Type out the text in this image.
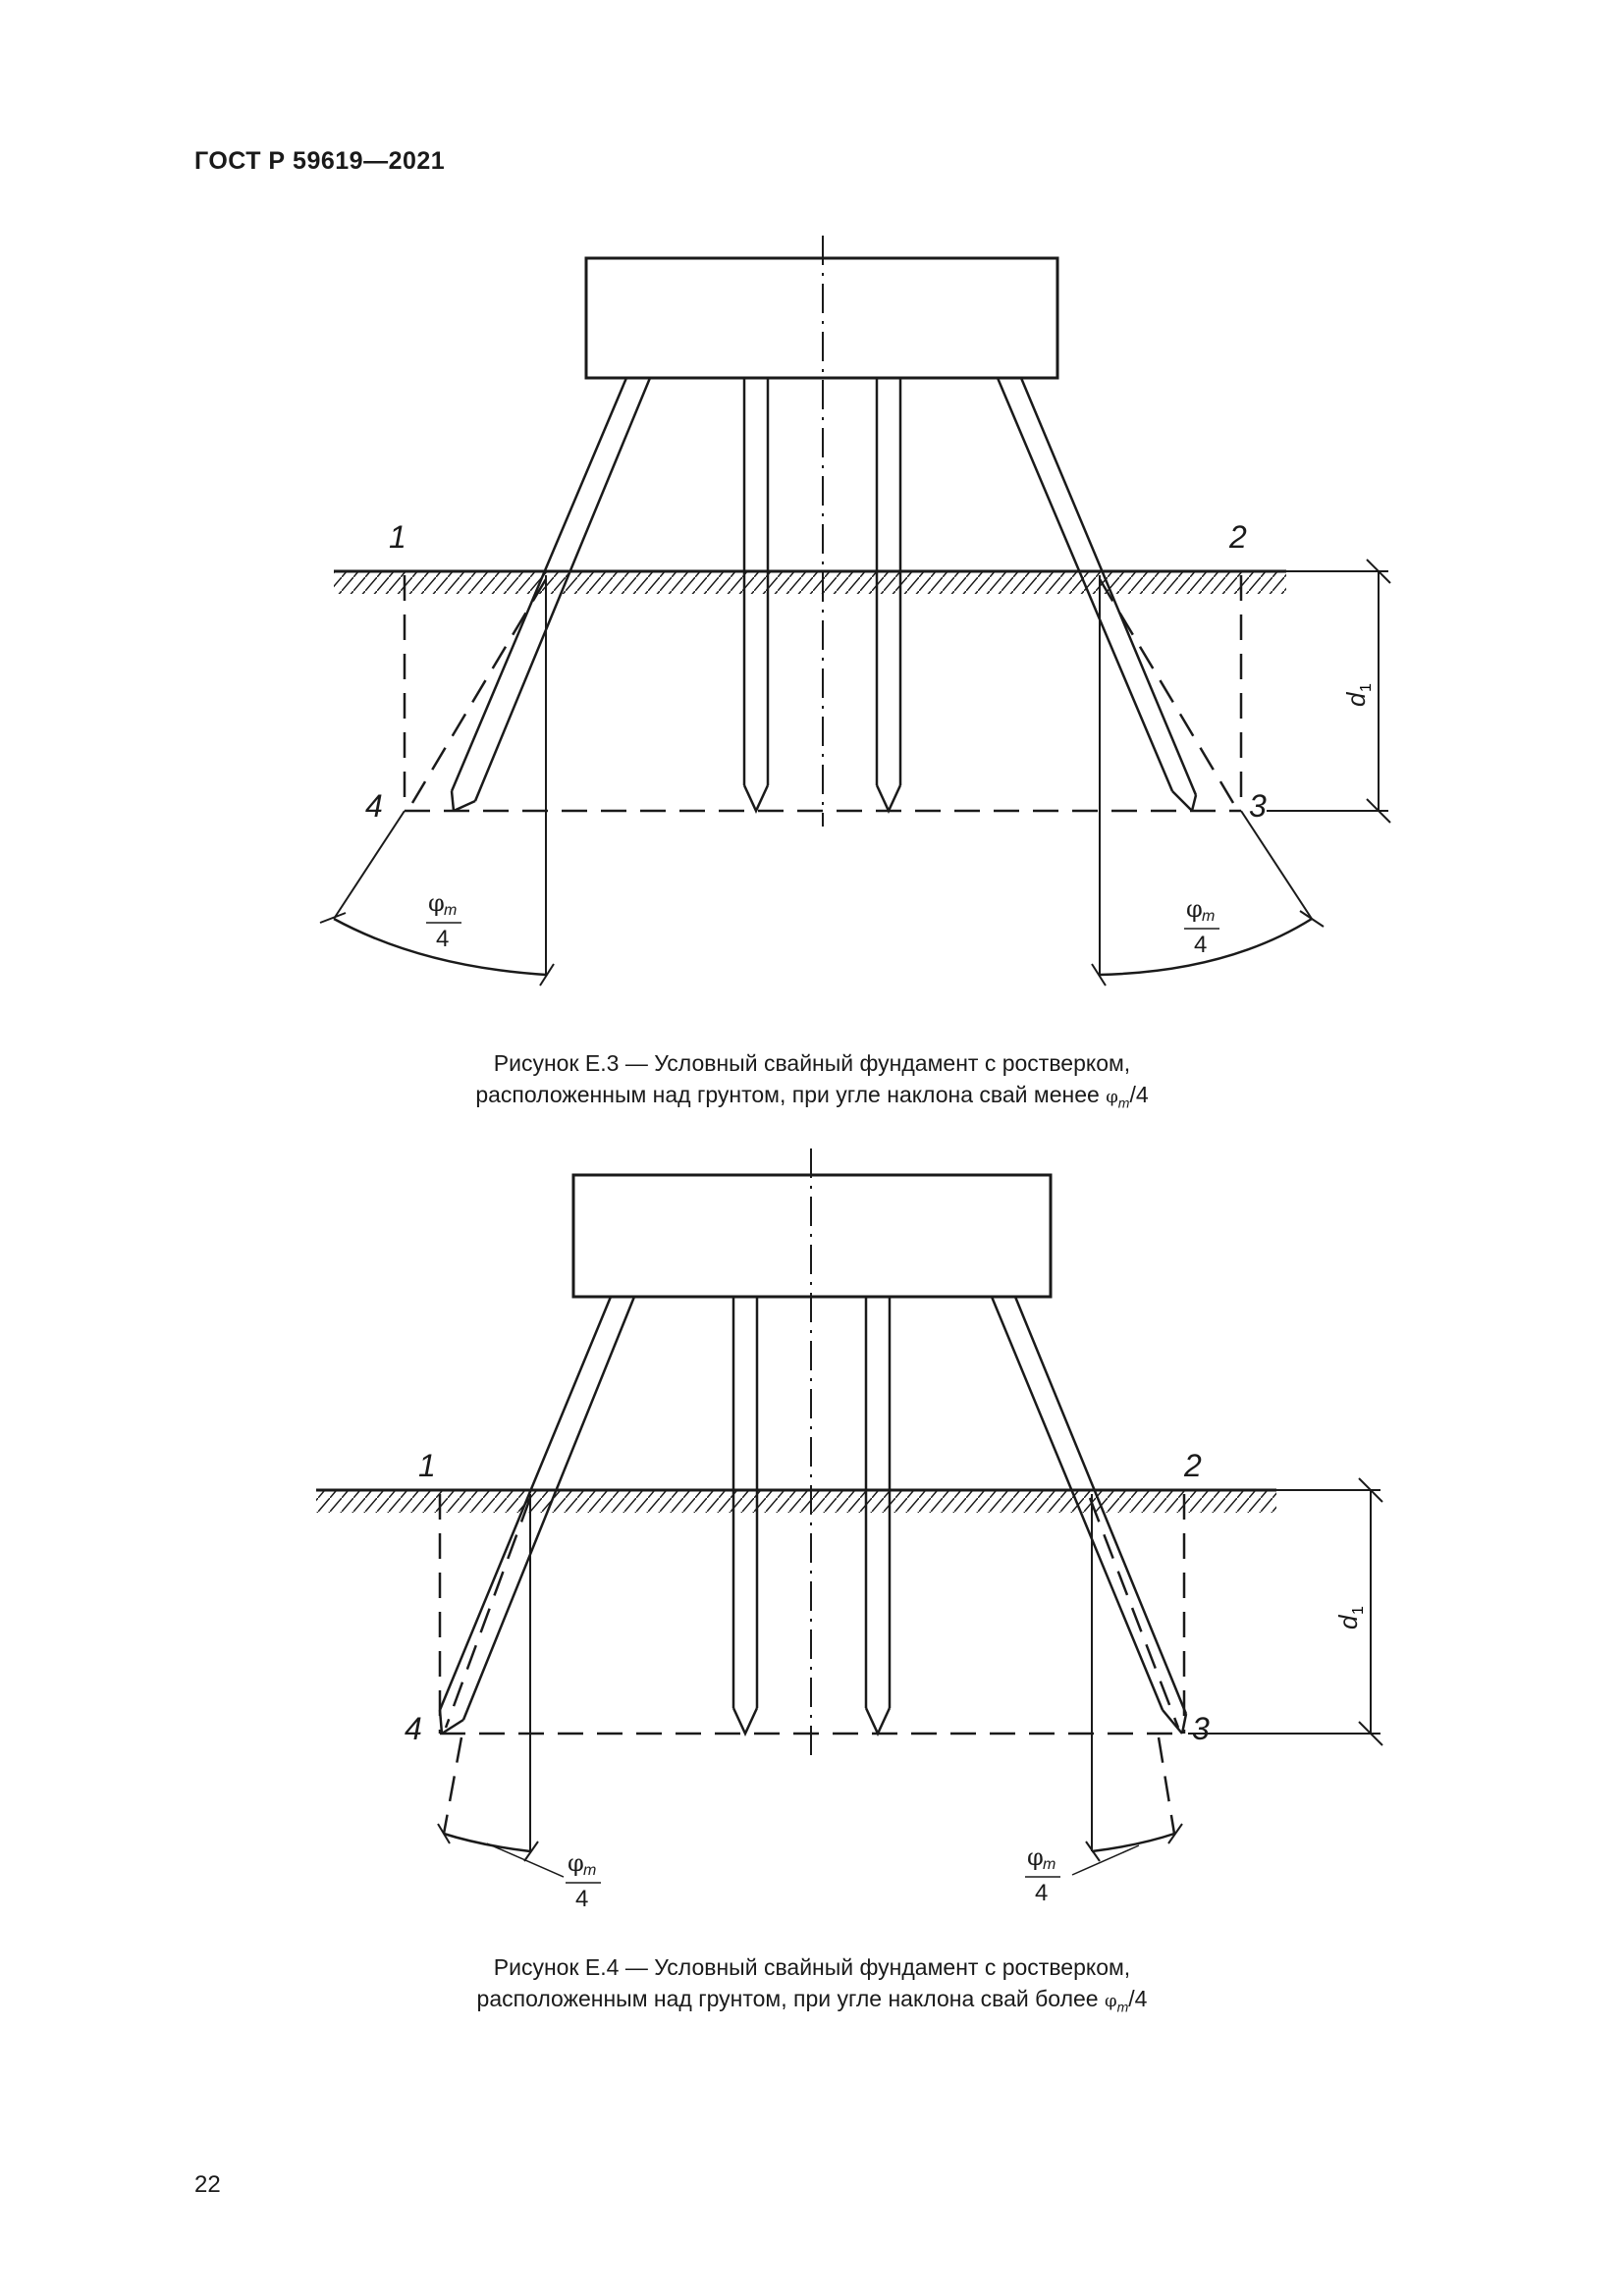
ГОСТ Р 59619—2021
1	2
3
4
d
1
φ m
4
φ m
4
Рисунок Е.3 — Условный свайный фундамент с ростверком,
расположенным над грунтом, при угле наклона свай менее $\varphi_m/4$
1	2
3
4
d
1
φ m
4
φ m
4
Рисунок Е.4 — Условный свайный фундамент с ростверком,
расположенным над грунтом, при угле наклона свай более $\varphi_m/4$
22
